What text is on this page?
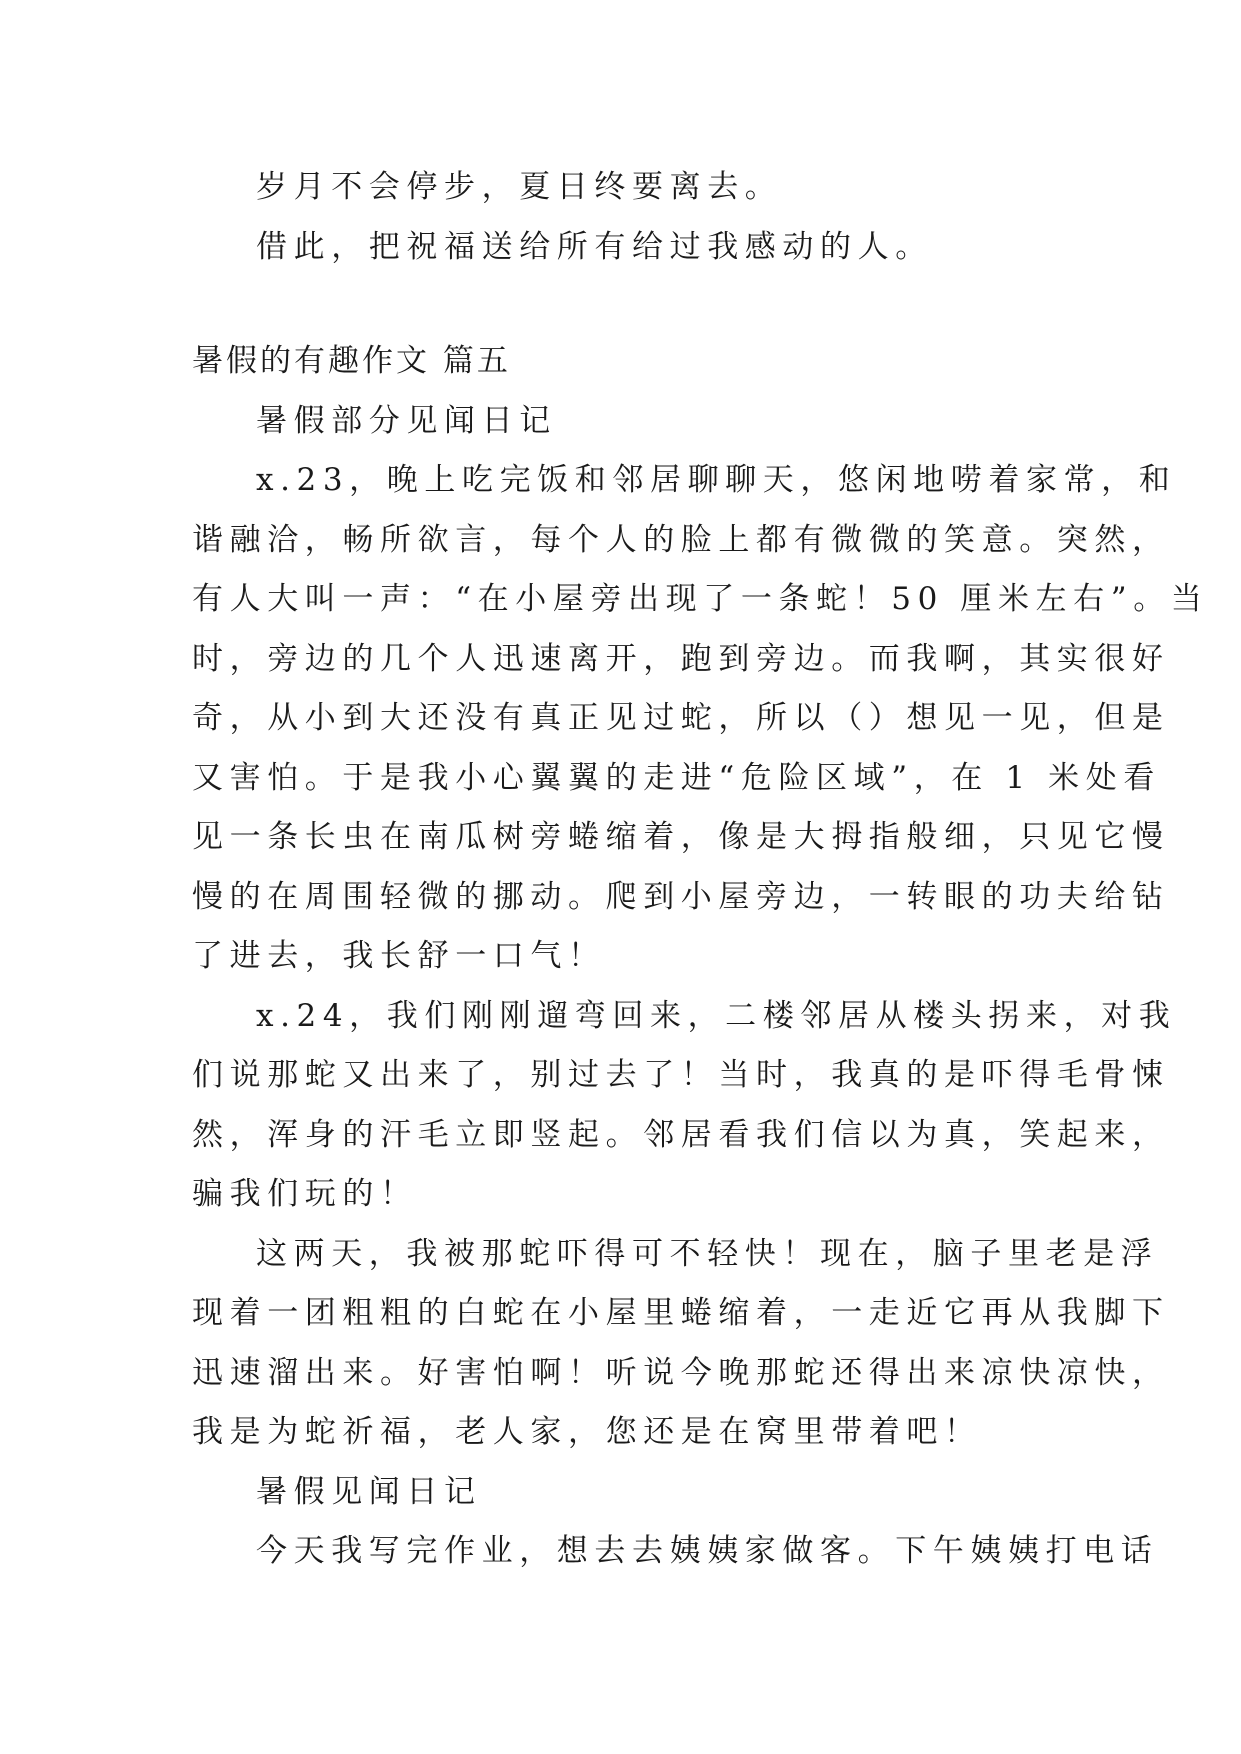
岁月不会停步，夏日终要离去。
借此，把祝福送给所有给过我感动的人。
暑假的有趣作文 篇五
暑假部分见闻日记
x.23，晚上吃完饭和邻居聊聊天，悠闲地唠着家常，和
谐融洽，畅所欲言，每个人的脸上都有微微的笑意。突然，
有人大叫一声：“在小屋旁出现了一条蛇！50 厘米左右”。当
时，旁边的几个人迅速离开，跑到旁边。而我啊，其实很好
奇，从小到大还没有真正见过蛇，所以（）想见一见，但是
又害怕。于是我小心翼翼的走进“危险区域”，在 1 米处看
见一条长虫在南瓜树旁蜷缩着，像是大拇指般细，只见它慢
慢的在周围轻微的挪动。爬到小屋旁边，一转眼的功夫给钻
了进去，我长舒一口气！
x.24，我们刚刚遛弯回来，二楼邻居从楼头拐来，对我
们说那蛇又出来了，别过去了！当时，我真的是吓得毛骨悚
然，浑身的汗毛立即竖起。邻居看我们信以为真，笑起来，
骗我们玩的！
这两天，我被那蛇吓得可不轻快！现在，脑子里老是浮
现着一团粗粗的白蛇在小屋里蜷缩着，一走近它再从我脚下
迅速溜出来。好害怕啊！听说今晚那蛇还得出来凉快凉快，
我是为蛇祈福，老人家，您还是在窝里带着吧！
暑假见闻日记
今天我写完作业，想去去姨姨家做客。下午姨姨打电话
